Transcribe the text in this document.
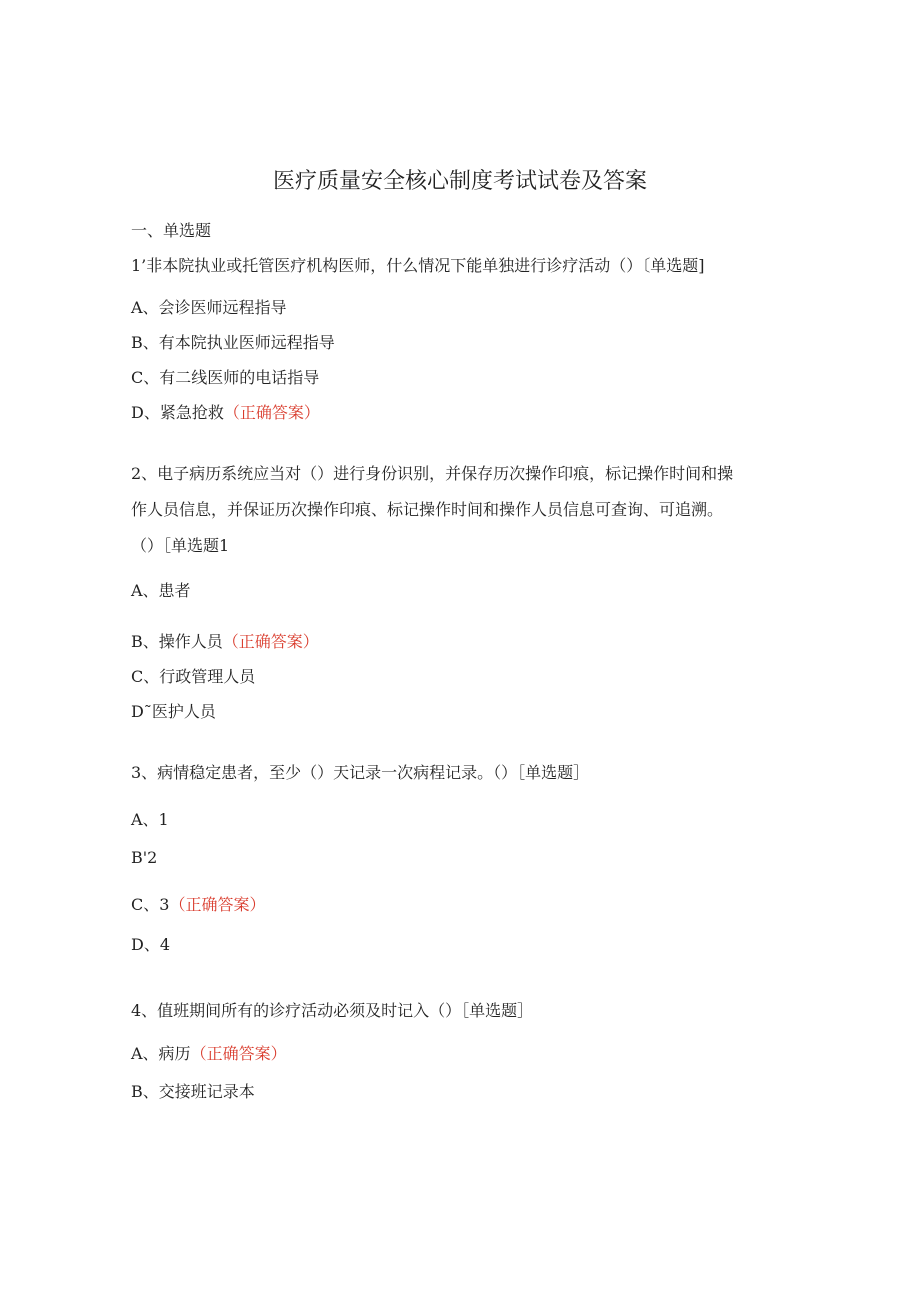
医疗质量安全核心制度考试试卷及答案
一、单选题
1’非本院执业或托管医疗机构医师，什么情况下能单独进行诊疗活动（）〔单选题]
A、会诊医师远程指导
B、有本院执业医师远程指导
C、有二线医师的电话指导
D、紧急抢救（正确答案）
2、电子病历系统应当对（）进行身份识别，并保存历次操作印痕，标记操作时间和操
作人员信息，并保证历次操作印痕、标记操作时间和操作人员信息可查询、可追溯。
（）［单选题1
A、患者
B、操作人员（正确答案）
C、行政管理人员
D˜医护人员
3、病情稳定患者，至少（）天记录一次病程记录。（）［单选题］
A、1
B'2
C、3（正确答案）
D、4
4、值班期间所有的诊疗活动必须及时记入（）［单选题］
A、病历（正确答案）
B、交接班记录本
